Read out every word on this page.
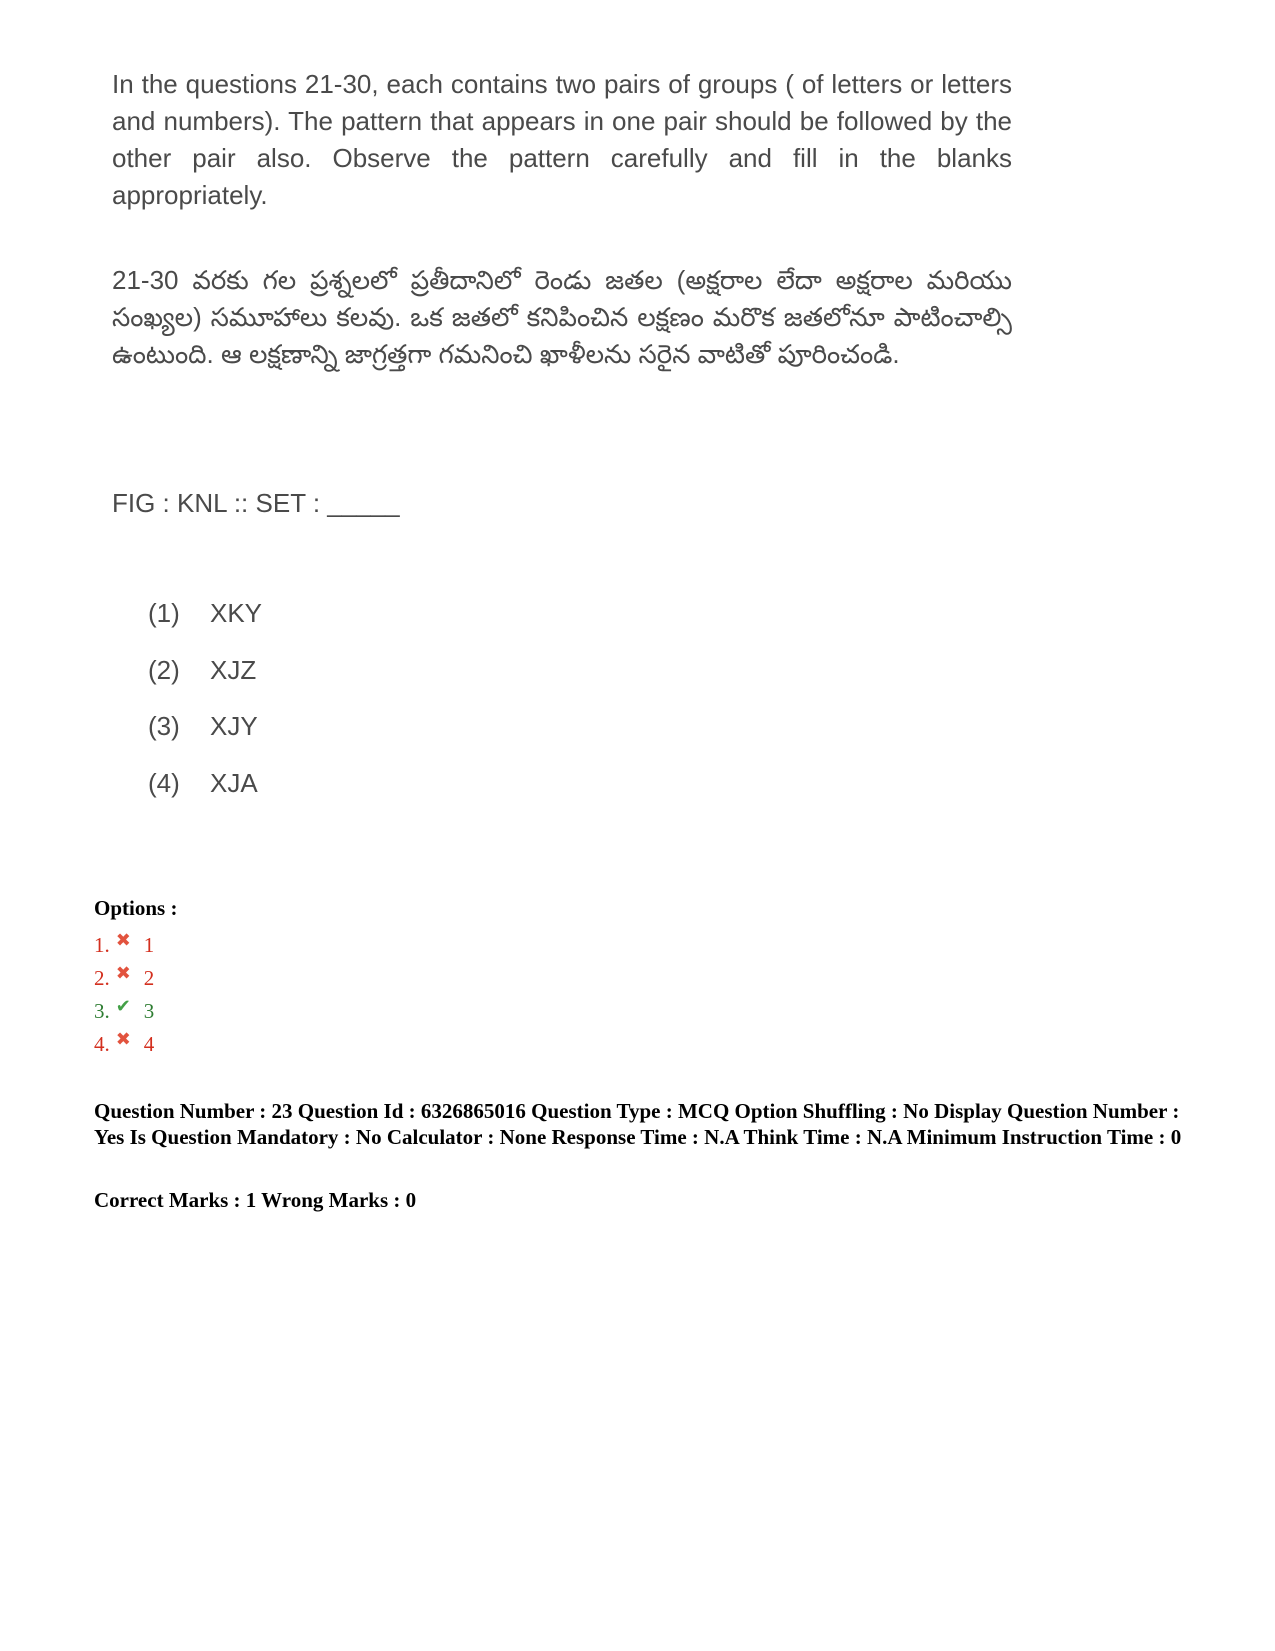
In the questions 21-30, each contains two pairs of groups ( of letters or letters and numbers). The pattern that appears in one pair should be followed by the other pair also. Observe the pattern carefully and fill in the blanks appropriately.

21-30 వరకు గల ప్రశ్నలలో ప్రతీదానిలో రెండు జతల (అక్షరాల లేదా అక్షరాల మరియు సంఖ్యల) సమూహాలు కలవు. ఒక జతలో కనిపించిన లక్షణం మరొక జతలోనూ పాటించాల్సి ఉంటుంది. ఆ లక్షణాన్ని జాగ్రత్తగా గమనించి ఖాళీలను సరైన వాటితో పూరించండి.

FIG : KNL :: SET : _____
(1)	XKY
(2)	XJZ
(3)	XJY
(4)	XJA
Options :
1. ✖ 1
2. ✖ 2
3. ✔ 3
4. ✖ 4
Question Number : 23 Question Id : 6326865016 Question Type : MCQ Option Shuffling : No Display Question Number : Yes Is Question Mandatory : No Calculator : None Response Time : N.A Think Time : N.A Minimum Instruction Time : 0
Correct Marks : 1 Wrong Marks : 0
